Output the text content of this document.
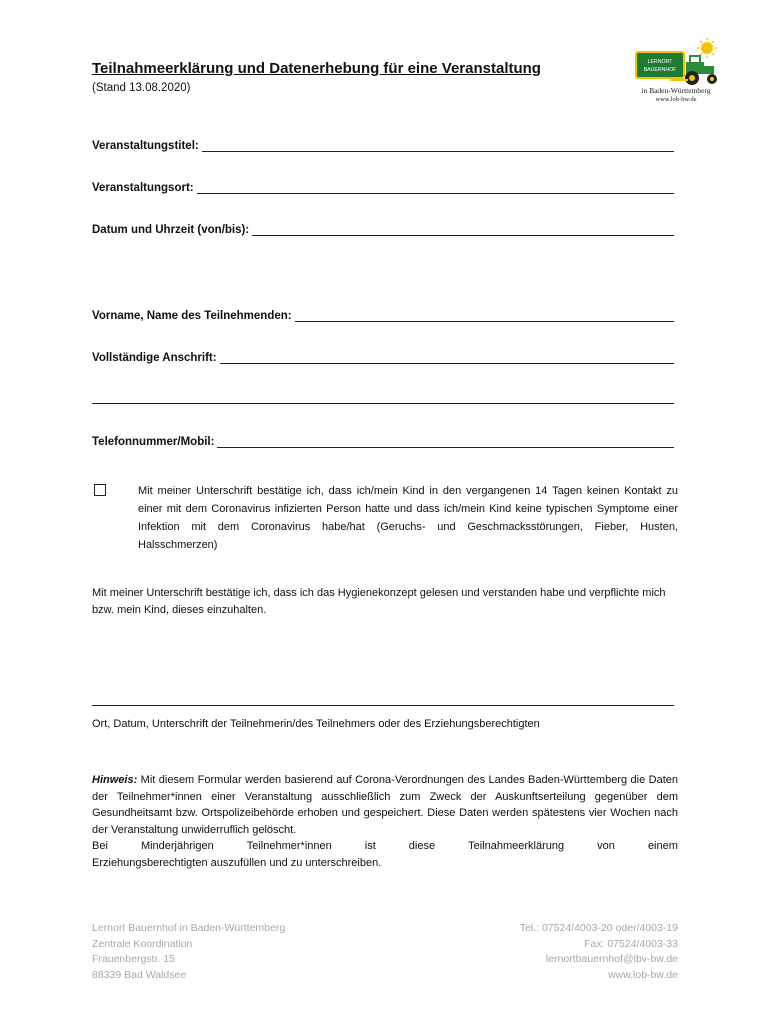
LERNORT
BAUERNHOF
in Baden-Württemberg
www.lob-bw.de
Teilnahmeerklärung und Datenerhebung für eine Veranstaltung
(Stand 13.08.2020)
Veranstaltungstitel:
Veranstaltungsort:
Datum und Uhrzeit (von/bis):
Vorname, Name des Teilnehmenden:
Vollständige Anschrift:
Telefonnummer/Mobil:
Mit meiner Unterschrift bestätige ich, dass ich/mein Kind in den vergangenen 14 Tagen keinen Kontakt zu einer mit dem Coronavirus infizierten Person hatte und dass ich/mein Kind keine typischen Symptome einer Infektion mit dem Coronavirus habe/hat (Geruchs- und Geschmacksstörungen, Fieber, Husten, Halsschmerzen)
Mit meiner Unterschrift bestätige ich, dass ich das Hygienekonzept gelesen und verstanden habe und verpflichte mich bzw. mein Kind, dieses einzuhalten.
Ort, Datum, Unterschrift der Teilnehmerin/des Teilnehmers oder des Erziehungsberechtigten
Hinweis: Mit diesem Formular werden basierend auf Corona-Verordnungen des Landes Baden-Württemberg die Daten der Teilnehmer*innen einer Veranstaltung ausschließlich zum Zweck der Auskunftserteilung gegenüber dem Gesundheitsamt bzw. Ortspolizeibehörde erhoben und gespeichert. Diese Daten werden spätestens vier Wochen nach der Veranstaltung unwiderruflich gelöscht.
Bei	Minderjährigen	Teilnehmer*innen	ist	diese	Teilnahmeerklärung	von	einem
Erziehungsberechtigten auszufüllen und zu unterschreiben.
Lernort Bauernhof in Baden-Württemberg
Zentrale Koordination
Frauenbergstr. 15
88339 Bad Waldsee
Tel.: 07524/4003-20 oder/4003-19
Fax: 07524/4003-33
lernortbauernhof@lbv-bw.de
www.lob-bw.de
